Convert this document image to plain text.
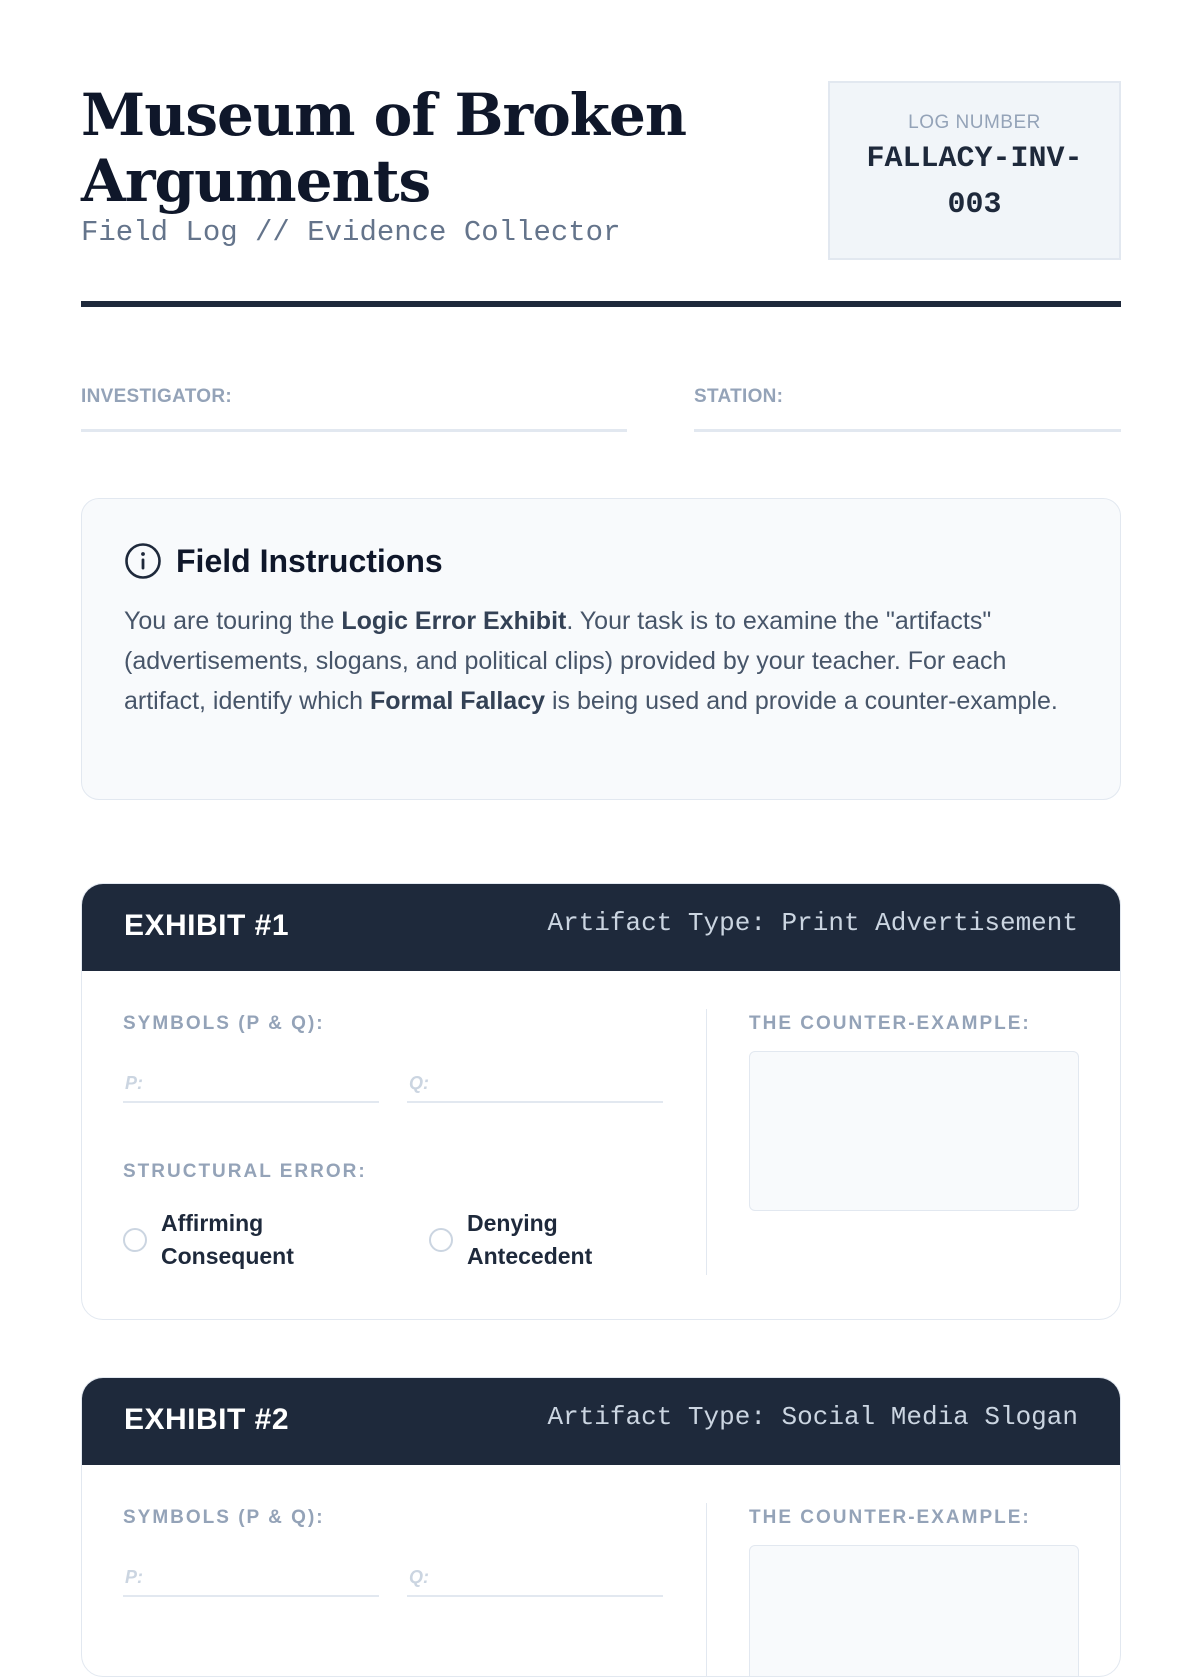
Museum of Broken Arguments
Field Log // Evidence Collector
LOG NUMBER
FALLACY-INV-003
INVESTIGATOR:	STATION:
Field Instructions
You are touring the Logic Error Exhibit. Your task is to examine the "artifacts" (advertisements, slogans, and political clips) provided by your teacher. For each artifact, identify which Formal Fallacy is being used and provide a counter-example.
EXHIBIT #1	Artifact Type: Print Advertisement
SYMBOLS (P & Q):
P:	Q:
STRUCTURAL ERROR:
Affirming Consequent
Denying Antecedent
THE COUNTER-EXAMPLE:
EXHIBIT #2	Artifact Type: Social Media Slogan
SYMBOLS (P & Q):
P:	Q:
THE COUNTER-EXAMPLE:
